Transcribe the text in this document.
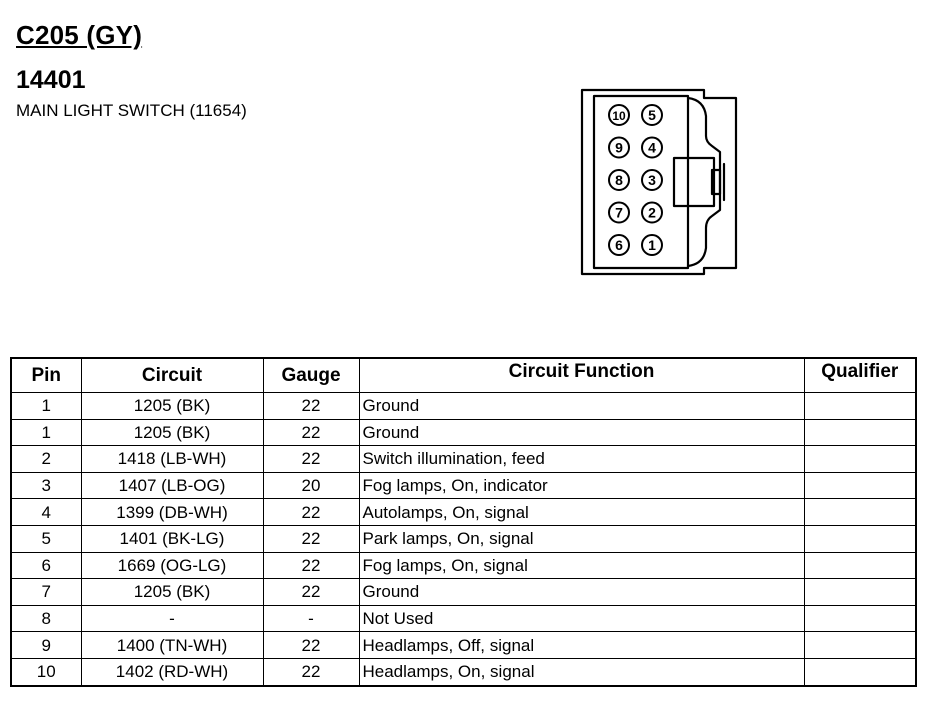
C205 (GY)
14401
MAIN LIGHT SWITCH (11654)	10 5
9 4
8 3
7 2
6 1
Pin	Circuit	Gauge	Circuit Function	Qualifier
1	1205 (BK)	22	Ground	
1	1205 (BK)	22	Ground	
2	1418 (LB-WH)	22	Switch illumination, feed	
3	1407 (LB-OG)	20	Fog lamps, On, indicator	
4	1399 (DB-WH)	22	Autolamps, On, signal	
5	1401 (BK-LG)	22	Park lamps, On, signal	
6	1669 (OG-LG)	22	Fog lamps, On, signal	
7	1205 (BK)	22	Ground	
8	-	-	Not Used	
9	1400 (TN-WH)	22	Headlamps, Off, signal	
10	1402 (RD-WH)	22	Headlamps, On, signal	
